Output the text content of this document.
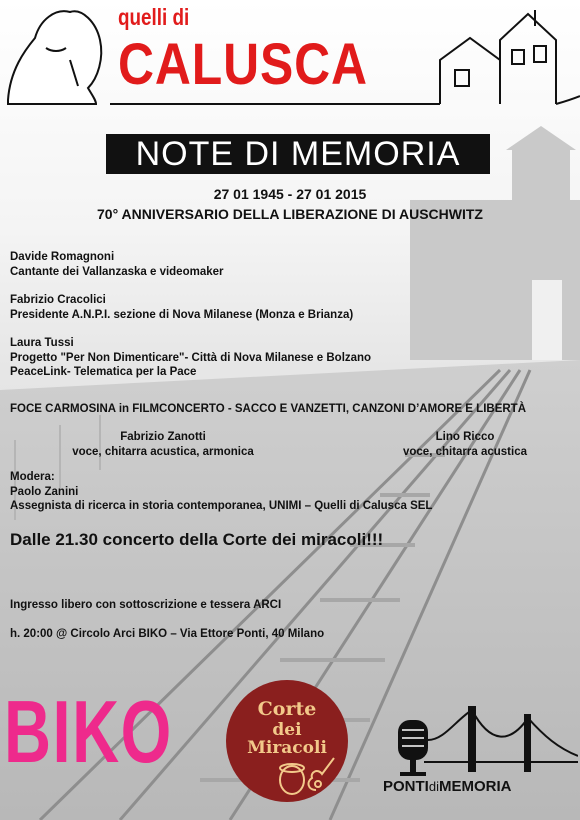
quelli di
CALUSCA
NOTE DI MEMORIA
27 01 1945 - 27 01 2015
70° ANNIVERSARIO DELLA LIBERAZIONE DI AUSCHWITZ
Davide Romagnoni
Cantante dei Vallanzaska e videomaker
Fabrizio Cracolici
Presidente A.N.P.I. sezione di Nova Milanese (Monza e Brianza)
Laura Tussi
Progetto "Per Non Dimenticare"- Città di Nova Milanese e Bolzano
PeaceLink- Telematica per la Pace
FOCE CARMOSINA in FILMCONCERTO - SACCO E VANZETTI, CANZONI D’AMORE E LIBERTÀ
Fabrizio Zanotti
voce, chitarra acustica, armonica
Lino Ricco
voce, chitarra acustica
Modera:
Paolo Zanini
Assegnista di ricerca in storia contemporanea, UNIMI – Quelli di Calusca SEL
Dalle 21.30 concerto della Corte dei miracoli!!!
Ingresso libero con sottoscrizione e tessera ARCI
h. 20:00 @ Circolo Arci BIKO – Via Ettore Ponti, 40 Milano
BIKO	Corte
dei
Miracoli
PONTIdiMEMORIA
